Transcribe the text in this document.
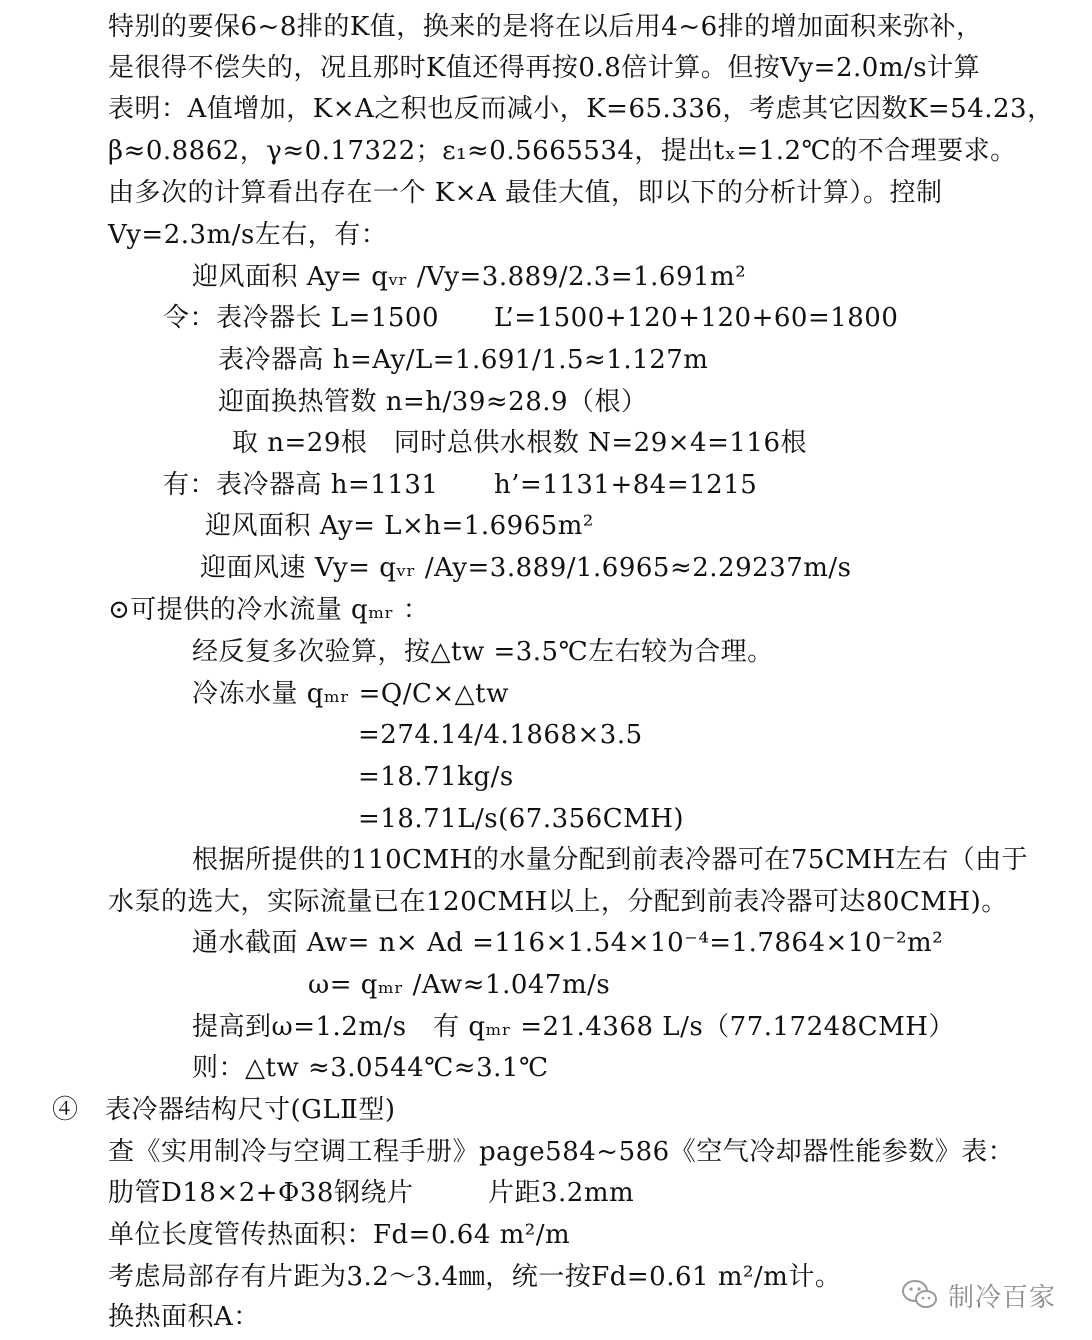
特别的要保6~8排的K值，换来的是将在以后用4~6排的增加面积来弥补，
是很得不偿失的，况且那时K值还得再按0.8倍计算。但按Vy=2.0m/s计算
表明：A值增加，K×A之积也反而减小，K=65.336，考虑其它因数K=54.23，
β≈0.8862，γ≈0.17322；ε₁≈0.5665534，提出tₓ=1.2℃的不合理要求。
由多次的计算看出存在一个 K×A 最佳大值，即以下的分析计算）。控制
Vy=2.3m/s左右，有：
迎风面积 Ay= qᵥᵣ /Vy=3.889/2.3=1.691m²
令：表冷器长 L=1500 L’=1500+120+120+60=1800
表冷器高 h=Ay/L=1.691/1.5≈1.127m
迎面换热管数 n=h/39≈28.9（根）
取 n=29根　同时总供水根数 N=29×4=116根
有：表冷器高 h=1131 h’=1131+84=1215
迎风面积 Ay= L×h=1.6965m²
迎面风速 Vy= qᵥᵣ /Ay=3.889/1.6965≈2.29237m/s
⊙可提供的冷水流量 qₘᵣ ：
经反复多次验算，按△tw =3.5℃左右较为合理。
冷冻水量 qₘᵣ =Q/C×△tw
=274.14/4.1868×3.5
=18.71kg/s
=18.71L/s(67.356CMH)
根据所提供的110CMH的水量分配到前表冷器可在75CMH左右（由于
水泵的选大，实际流量已在120CMH以上，分配到前表冷器可达80CMH)。
通水截面 Aw= n× Ad =116×1.54×10⁻⁴=1.7864×10⁻²m²
ω= qₘᵣ /Aw≈1.047m/s
提高到ω=1.2m/s　有 qₘᵣ =21.4368 L/s（77.17248CMH）
则：△tw ≈3.0544℃≈3.1℃
④　表冷器结构尺寸(GLⅡ型)
查《实用制冷与空调工程手册》page584~586《空气冷却器性能参数》表：
肋管D18×2+Φ38钢绕片	片距3.2mm
单位长度管传热面积：Fd=0.64 m²/m
考虑局部存有片距为3.2～3.4㎜，统一按Fd=0.61 m²/m计。
换热面积A：
制冷百家
